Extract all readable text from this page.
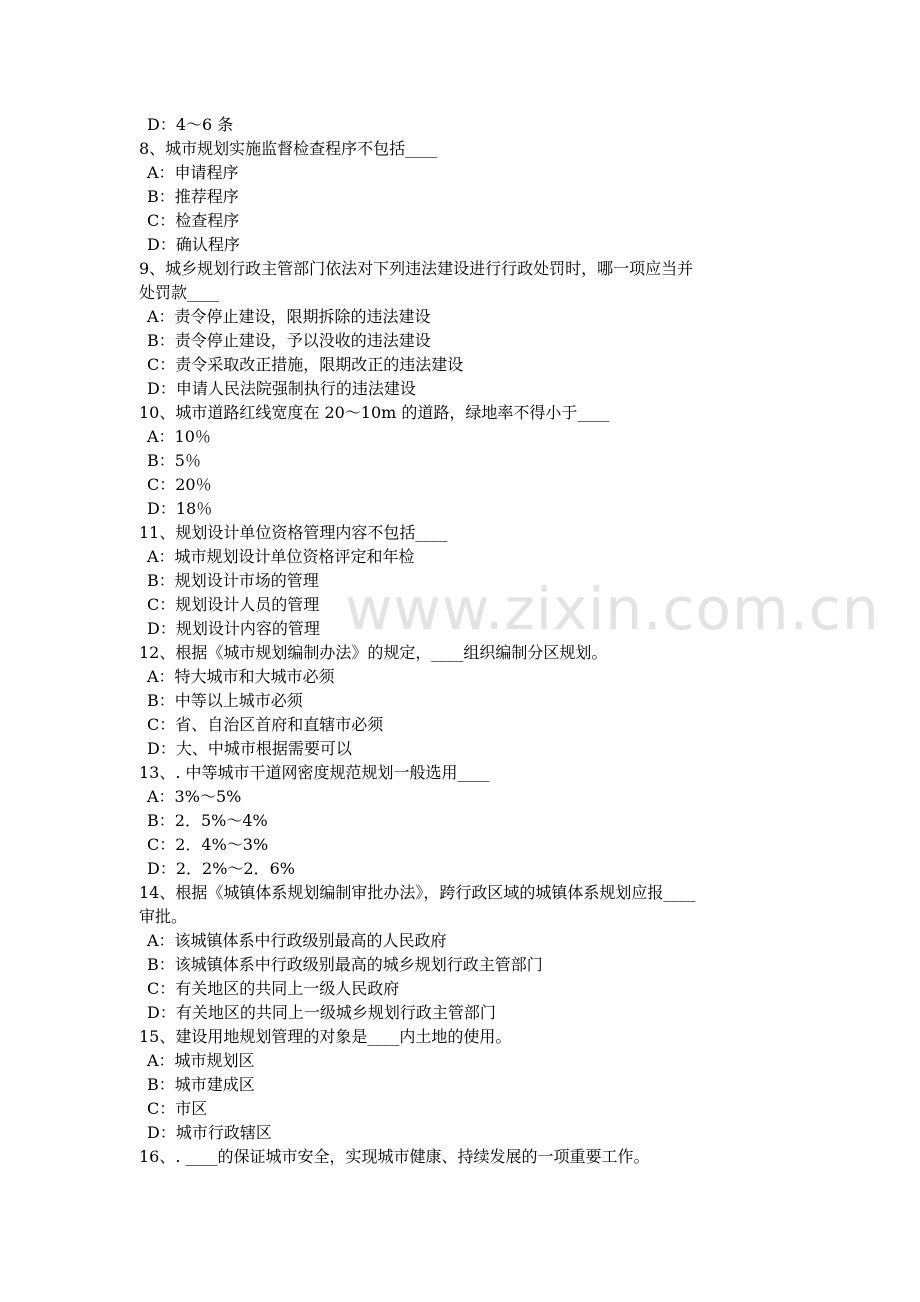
www.zixin.com.cn
D：4～6 条
8、城市规划实施监督检查程序不包括____
A：申请程序
B：推荐程序
C：检查程序
D：确认程序
9、城乡规划行政主管部门依法对下列违法建设进行行政处罚时，哪一项应当并
处罚款____
A：责令停止建设，限期拆除的违法建设
B：责令停止建设，予以没收的违法建设
C：责令采取改正措施，限期改正的违法建设
D：申请人民法院强制执行的违法建设
10、城市道路红线宽度在 20～10m 的道路，绿地率不得小于____
A：10％
B：5％
C：20％
D：18％
11、规划设计单位资格管理内容不包括____
A：城市规划设计单位资格评定和年检
B：规划设计市场的管理
C：规划设计人员的管理
D：规划设计内容的管理
12、根据《城市规划编制办法》的规定，____组织编制分区规划。
A：特大城市和大城市必须
B：中等以上城市必须
C：省、自治区首府和直辖市必须
D：大、中城市根据需要可以
13、. 中等城市干道网密度规范规划一般选用____
A：3%～5%
B：2．5%～4%
C：2．4%～3%
D：2．2%～2．6%
14、根据《城镇体系规划编制审批办法》，跨行政区域的城镇体系规划应报____
审批。
A：该城镇体系中行政级别最高的人民政府
B：该城镇体系中行政级别最高的城乡规划行政主管部门
C：有关地区的共同上一级人民政府
D：有关地区的共同上一级城乡规划行政主管部门
15、建设用地规划管理的对象是____内土地的使用。
A：城市规划区
B：城市建成区
C：市区
D：城市行政辖区
16、. ____的保证城市安全，实现城市健康、持续发展的一项重要工作。
